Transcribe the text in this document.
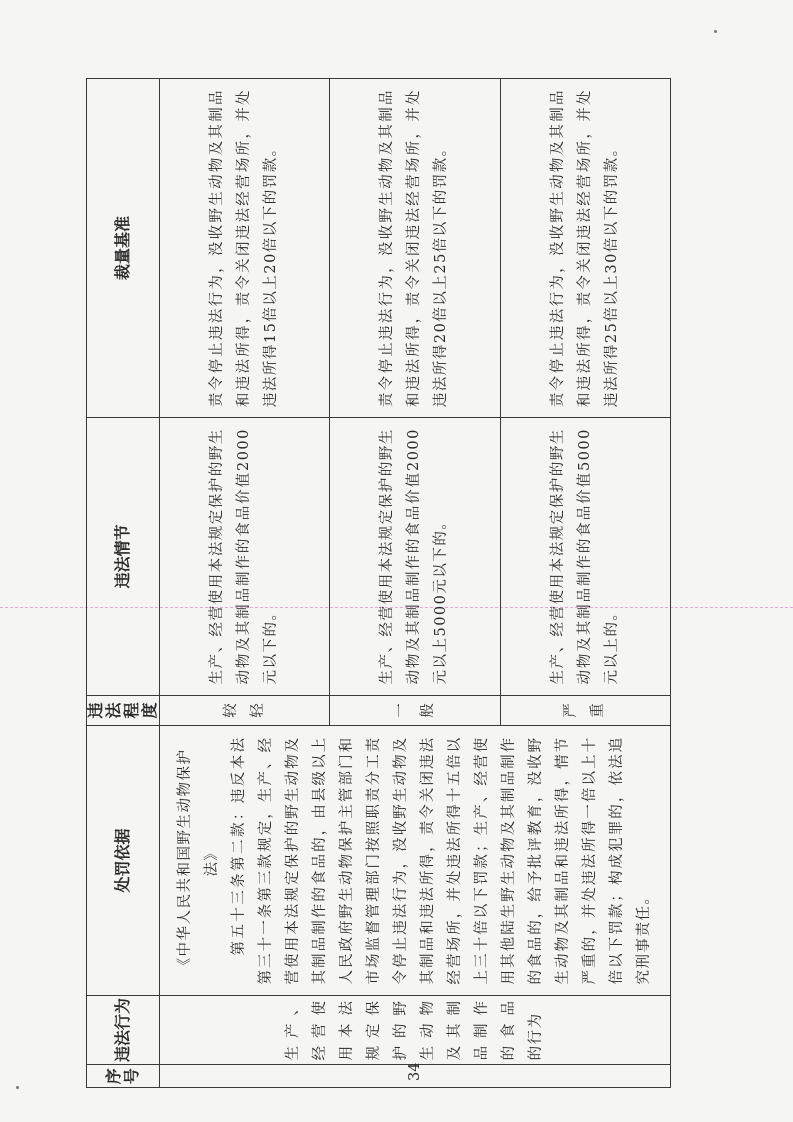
序号	违法行为	处罚依据	违法程度	违法情节	裁量基准
34	生产、经营使用本法规定保护的野生动物及其制品制作的食品的行为	《中华人民共和国野生动物保护法》 第五十三条第二款：违反本法第三十一条第三款规定，生产、经营使用本法规定保护的野生动物及其制品制作的食品的，由县级以上人民政府野生动物保护主管部门和市场监督管理部门按照职责分工责令停止违法行为，没收野生动物及其制品和违法所得，责令关闭违法经营场所，并处违法所得十五倍以上三十倍以下罚款；生产、经营使用其他陆生野生动物及其制品制作的食品的，给予批评教育，没收野生动物及其制品和违法所得，情节严重的，并处违法所得一倍以上十倍以下罚款；构成犯罪的，依法追究刑事责任。	较轻	生产、经营使用本法规定保护的野生动物及其制品制作的食品价值2000元以下的。	责令停止违法行为，没收野生动物及其制品和违法所得，责令关闭违法经营场所，并处违法所得15倍以上20倍以下的罚款。
			一般	生产、经营使用本法规定保护的野生动物及其制品制作的食品价值2000元以上5000元以下的。	责令停止违法行为，没收野生动物及其制品和违法所得，责令关闭违法经营场所，并处违法所得20倍以上25倍以下的罚款。
			严重	生产、经营使用本法规定保护的野生动物及其制品制作的食品价值5000元以上的。	责令停止违法行为，没收野生动物及其制品和违法所得，责令关闭违法经营场所，并处违法所得25倍以上30倍以下的罚款。
